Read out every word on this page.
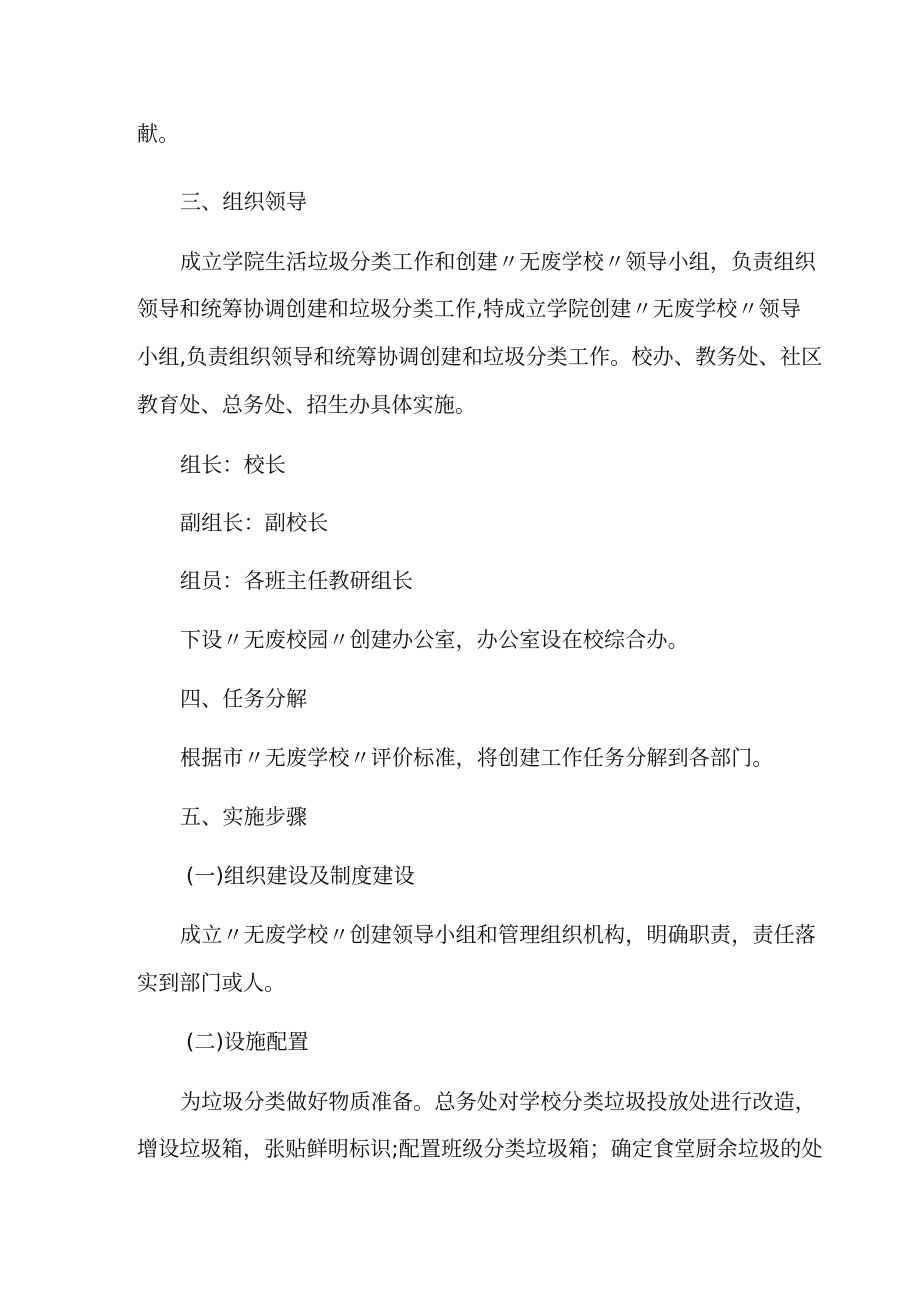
献。
三、组织领导
成立学院生活垃圾分类工作和创建〃无废学校〃领导小组，负责组织
领导和统筹协调创建和垃圾分类工作,特成立学院创建〃无废学校〃领导
小组,负责组织领导和统筹协调创建和垃圾分类工作。校办、教务处、社区
教育处、总务处、招生办具体实施。
组长：校长
副组长：副校长
组员：各班主任教研组长
下设〃无废校园〃创建办公室，办公室设在校综合办。
四、任务分解
根据市〃无废学校〃评价标准，将创建工作任务分解到各部门。
五、实施步骤
(一)组织建设及制度建设
成立〃无废学校〃创建领导小组和管理组织机构，明确职责，责任落
实到部门或人。
(二)设施配置
为垃圾分类做好物质准备。总务处对学校分类垃圾投放处进行改造，
增设垃圾箱，张贴鲜明标识;配置班级分类垃圾箱；确定食堂厨余垃圾的处
